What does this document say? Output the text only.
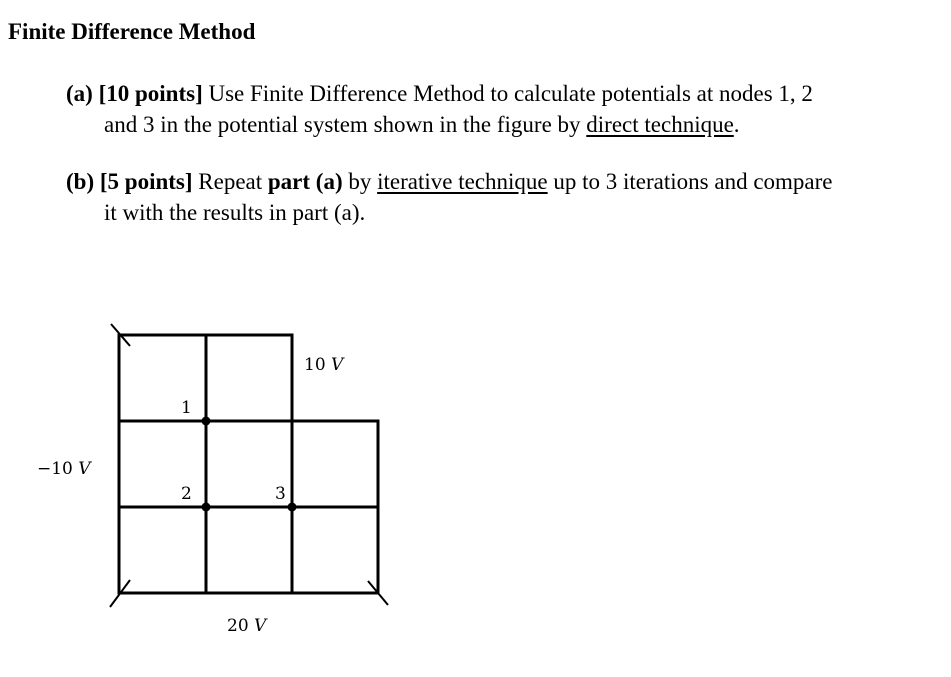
Finite Difference Method
(a) [10 points] Use Finite Difference Method to calculate potentials at nodes 1, 2
and 3 in the potential system shown in the figure by direct technique.
(b) [5 points] Repeat part (a) by iterative technique up to 3 iterations and compare
it with the results in part (a).
1
2	3
10 V
−10 V
20 V
